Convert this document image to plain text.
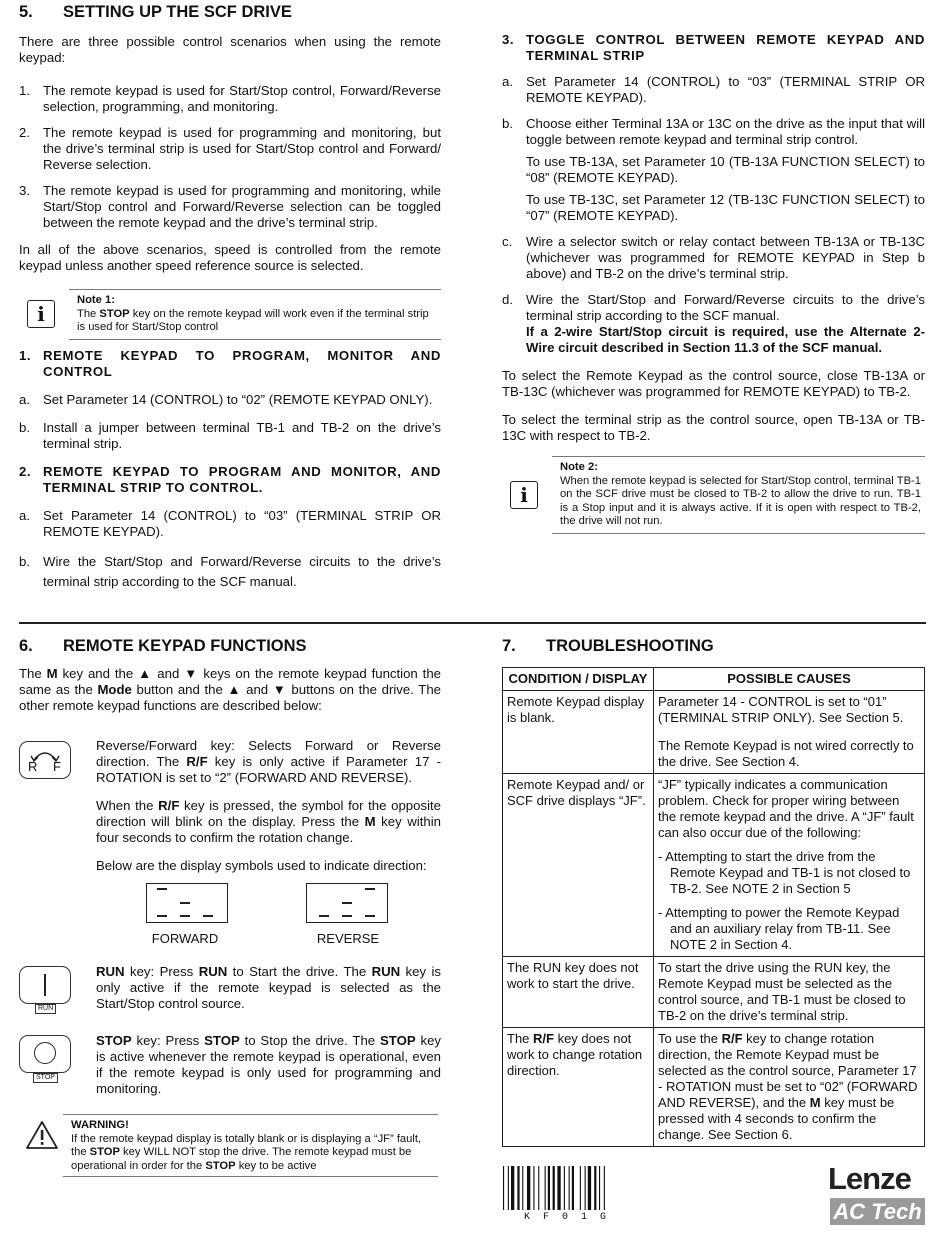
5. SETTING UP THE SCF DRIVE

There are three possible control scenarios when using the remote keypad:

1. The remote keypad is used for Start/Stop control, Forward/Reverse selection, programming, and monitoring.
2. The remote keypad is used for programming and monitoring, but the drive’s terminal strip is used for Start/Stop control and Forward/ Reverse selection.
3. The remote keypad is used for programming and monitoring, while Start/Stop control and Forward/Reverse selection can be toggled between the remote keypad and the drive’s terminal strip.

In all of the above scenarios, speed is controlled from the remote keypad unless another speed reference source is selected.

i
Note 1:
The STOP key on the remote keypad will work even if the terminal strip is used for Start/Stop control
1. REMOTE KEYPAD TO PROGRAM, MONITOR AND CONTROL
a. Set Parameter 14 (CONTROL) to “02” (REMOTE KEYPAD ONLY).
b. Install a jumper between terminal TB-1 and TB-2 on the drive’s terminal strip.
2. REMOTE KEYPAD TO PROGRAM AND MONITOR, AND TERMINAL STRIP TO CONTROL.
a. Set Parameter 14 (CONTROL) to “03” (TERMINAL STRIP OR REMOTE KEYPAD).
b. Wire the Start/Stop and Forward/Reverse circuits to the drive’s terminal strip according to the SCF manual.
3. TOGGLE CONTROL BETWEEN REMOTE KEYPAD AND TERMINAL STRIP
a. Set Parameter 14 (CONTROL) to “03” (TERMINAL STRIP OR REMOTE KEYPAD).
b. Choose either Terminal 13A or 13C on the drive as the input that will toggle between remote keypad and terminal strip control.

To use TB-13A, set Parameter 10 (TB-13A FUNCTION SELECT) to “08” (REMOTE KEYPAD).

To use TB-13C, set Parameter 12 (TB-13C FUNCTION SELECT) to “07” (REMOTE KEYPAD).

c. Wire a selector switch or relay contact between TB-13A or TB-13C (whichever was programmed for REMOTE KEYPAD in Step b above) and TB-2 on the drive’s terminal strip.
d. Wire the Start/Stop and Forward/Reverse circuits to the drive’s terminal strip according to the SCF manual.
If a 2-wire Start/Stop circuit is required, use the Alternate 2- Wire circuit described in Section 11.3 of the SCF manual.

To select the Remote Keypad as the control source, close TB-13A or TB-13C (whichever was programmed for REMOTE KEYPAD) to TB-2.

To select the terminal strip as the control source, open TB-13A or TB-13C with respect to TB-2.

i
Note 2:
When the remote keypad is selected for Start/Stop control, terminal TB-1 on the SCF drive must be closed to TB-2 to allow the drive to run. TB-1 is a Stop input and it is always active. If it is open with respect to TB-2, the drive will not run.
6. REMOTE KEYPAD FUNCTIONS

The M key and the ▲ and ▼ keys on the remote keypad function the same as the Mode button and the ▲ and ▼ buttons on the drive. The other remote keypad functions are described below:

R F

Reverse/Forward key: Selects Forward or Reverse direction. The R/F key is only active if Parameter 17 - ROTATION is set to “2” (FORWARD AND REVERSE).

When the R/F key is pressed, the symbol for the opposite direction will blink on the display. Press the M key within four seconds to confirm the rotation change.

Below are the display symbols used to indicate direction:

FORWARD	REVERSE
RUN

RUN key: Press RUN to Start the drive. The RUN key is only active if the remote keypad is selected as the Start/Stop control source.

STOP

STOP key: Press STOP to Stop the drive. The STOP key is active whenever the remote keypad is operational, even if the remote keypad is only used for programming and monitoring.

WARNING!
If the remote keypad display is totally blank or is displaying a “JF” fault, the STOP key WILL NOT stop the drive. The remote keypad must be operational in order for the STOP key to be active
7. TROUBLESHOOTING
CONDITION / DISPLAY	POSSIBLE CAUSES
Remote Keypad display is blank.	Parameter 14 - CONTROL is set to “01” (TERMINAL STRIP ONLY). See Section 5.
The Remote Keypad is not wired correctly to the drive. See Section 4.

Remote Keypad and/ or SCF drive displays “JF”.	“JF” typically indicates a communication problem. Check for proper wiring between the remote keypad and the drive. A “JF” fault can also occur due of the following:
- Attempting to start the drive from the Remote Keypad and TB-1 is not closed to TB-2. See NOTE 2 in Section 5
- Attempting to power the Remote Keypad and an auxiliary relay from TB-11. See NOTE 2 in Section 4.

The RUN key does not work to start the drive.	To start the drive using the RUN key, the Remote Keypad must be selected as the control source, and TB-1 must be closed to TB-2 on the drive’s terminal strip.
The R/F key does not work to change rotation direction.	To use the R/F key to change rotation direction, the Remote Keypad must be selected as the control source, Parameter 17 - ROTATION must be set to “02” (FORWARD AND REVERSE), and the M key must be pressed with 4 seconds to confirm the change. See Section 6.
KF01G
Lenze
AC Tech
